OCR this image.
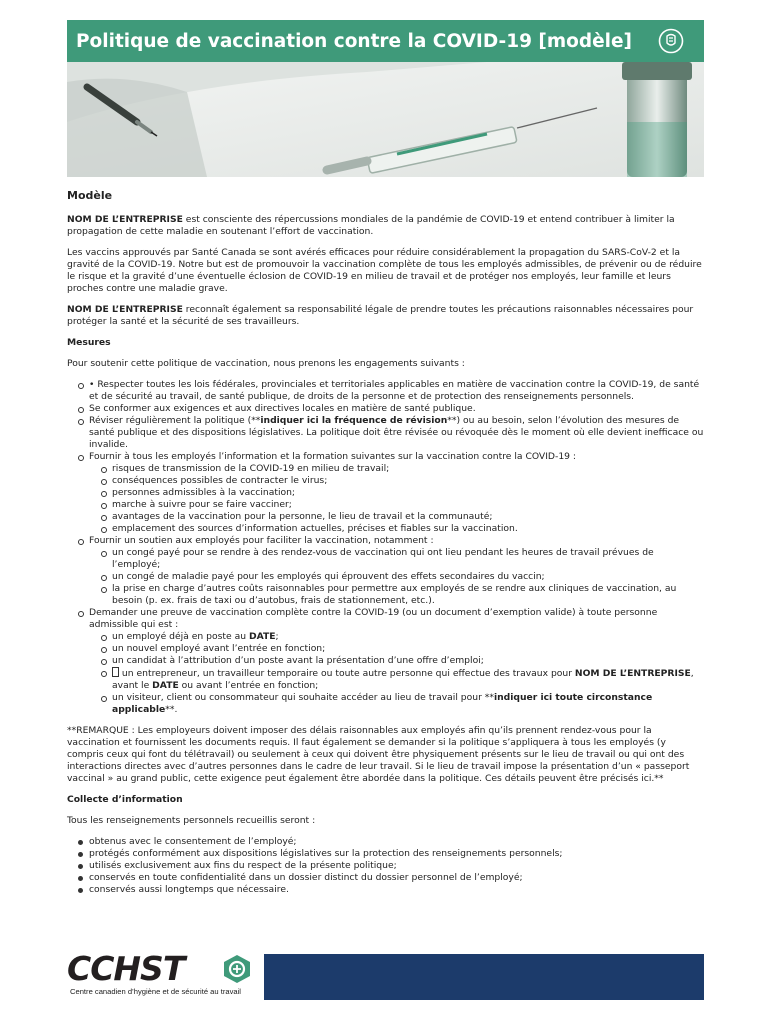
Politique de vaccination contre la COVID-19 [modèle]
Modèle

NOM DE L’ENTREPRISE est consciente des répercussions mondiales de la pandémie de COVID-19 et entend contribuer à limiter la propagation de cette maladie en soutenant l’effort de vaccination.

Les vaccins approuvés par Santé Canada se sont avérés efficaces pour réduire considérablement la propagation du SARS-CoV-2 et la gravité de la COVID-19. Notre but est de promouvoir la vaccination complète de tous les employés admissibles, de prévenir ou de réduire le risque et la gravité d’une éventuelle éclosion de COVID-19 en milieu de travail et de protéger nos employés, leur famille et leurs proches contre une maladie grave.

NOM DE L’ENTREPRISE reconnaît également sa responsabilité légale de prendre toutes les précautions raisonnables nécessaires pour protéger la santé et la sécurité de ses travailleurs.

Mesures

Pour soutenir cette politique de vaccination, nous prenons les engagements suivants :

• Respecter toutes les lois fédérales, provinciales et territoriales applicables en matière de vaccination contre la COVID-19, de santé et de sécurité au travail, de santé publique, de droits de la personne et de protection des renseignements personnels.
Se conformer aux exigences et aux directives locales en matière de santé publique.
Réviser régulièrement la politique (**indiquer ici la fréquence de révision**) ou au besoin, selon l’évolution des mesures de santé publique et des dispositions législatives. La politique doit être révisée ou révoquée dès le moment où elle devient inefficace ou invalide.
Fournir à tous les employés l’information et la formation suivantes sur la vaccination contre la COVID-19 :
risques de transmission de la COVID-19 en milieu de travail;
conséquences possibles de contracter le virus;
personnes admissibles à la vaccination;
marche à suivre pour se faire vacciner;
avantages de la vaccination pour la personne, le lieu de travail et la communauté;
emplacement des sources d’information actuelles, précises et fiables sur la vaccination.
Fournir un soutien aux employés pour faciliter la vaccination, notamment :
un congé payé pour se rendre à des rendez-vous de vaccination qui ont lieu pendant les heures de travail prévues de l’employé;
un congé de maladie payé pour les employés qui éprouvent des effets secondaires du vaccin;
la prise en charge d’autres coûts raisonnables pour permettre aux employés de se rendre aux cliniques de vaccination, au besoin (p. ex. frais de taxi ou d’autobus, frais de stationnement, etc.).
Demander une preuve de vaccination complète contre la COVID-19 (ou un document d’exemption valide) à toute personne admissible qui est :
un employé déjà en poste au DATE;
un nouvel employé avant l’entrée en fonction;
un candidat à l’attribution d’un poste avant la présentation d’une offre d’emploi;
un entrepreneur, un travailleur temporaire ou toute autre personne qui effectue des travaux pour NOM DE L’ENTREPRISE, avant le DATE ou avant l’entrée en fonction;
un visiteur, client ou consommateur qui souhaite accéder au lieu de travail pour **indiquer ici toute circonstance applicable**.

**REMARQUE : Les employeurs doivent imposer des délais raisonnables aux employés afin qu’ils prennent rendez-vous pour la vaccination et fournissent les documents requis. Il faut également se demander si la politique s’appliquera à tous les employés (y compris ceux qui font du télétravail) ou seulement à ceux qui doivent être physiquement présents sur le lieu de travail ou qui ont des interactions directes avec d’autres personnes dans le cadre de leur travail. Si le lieu de travail impose la présentation d’un « passeport vaccinal » au grand public, cette exigence peut également être abordée dans la politique. Ces détails peuvent être précisés ici.**

Collecte d’information

Tous les renseignements personnels recueillis seront :

obtenus avec le consentement de l’employé;
protégés conformément aux dispositions législatives sur la protection des renseignements personnels;
utilisés exclusivement aux fins du respect de la présente politique;
conservés en toute confidentialité dans un dossier distinct du dossier personnel de l’employé;
conservés aussi longtemps que nécessaire.
CCHST
Centre canadien d’hygiène et de sécurité au travail
